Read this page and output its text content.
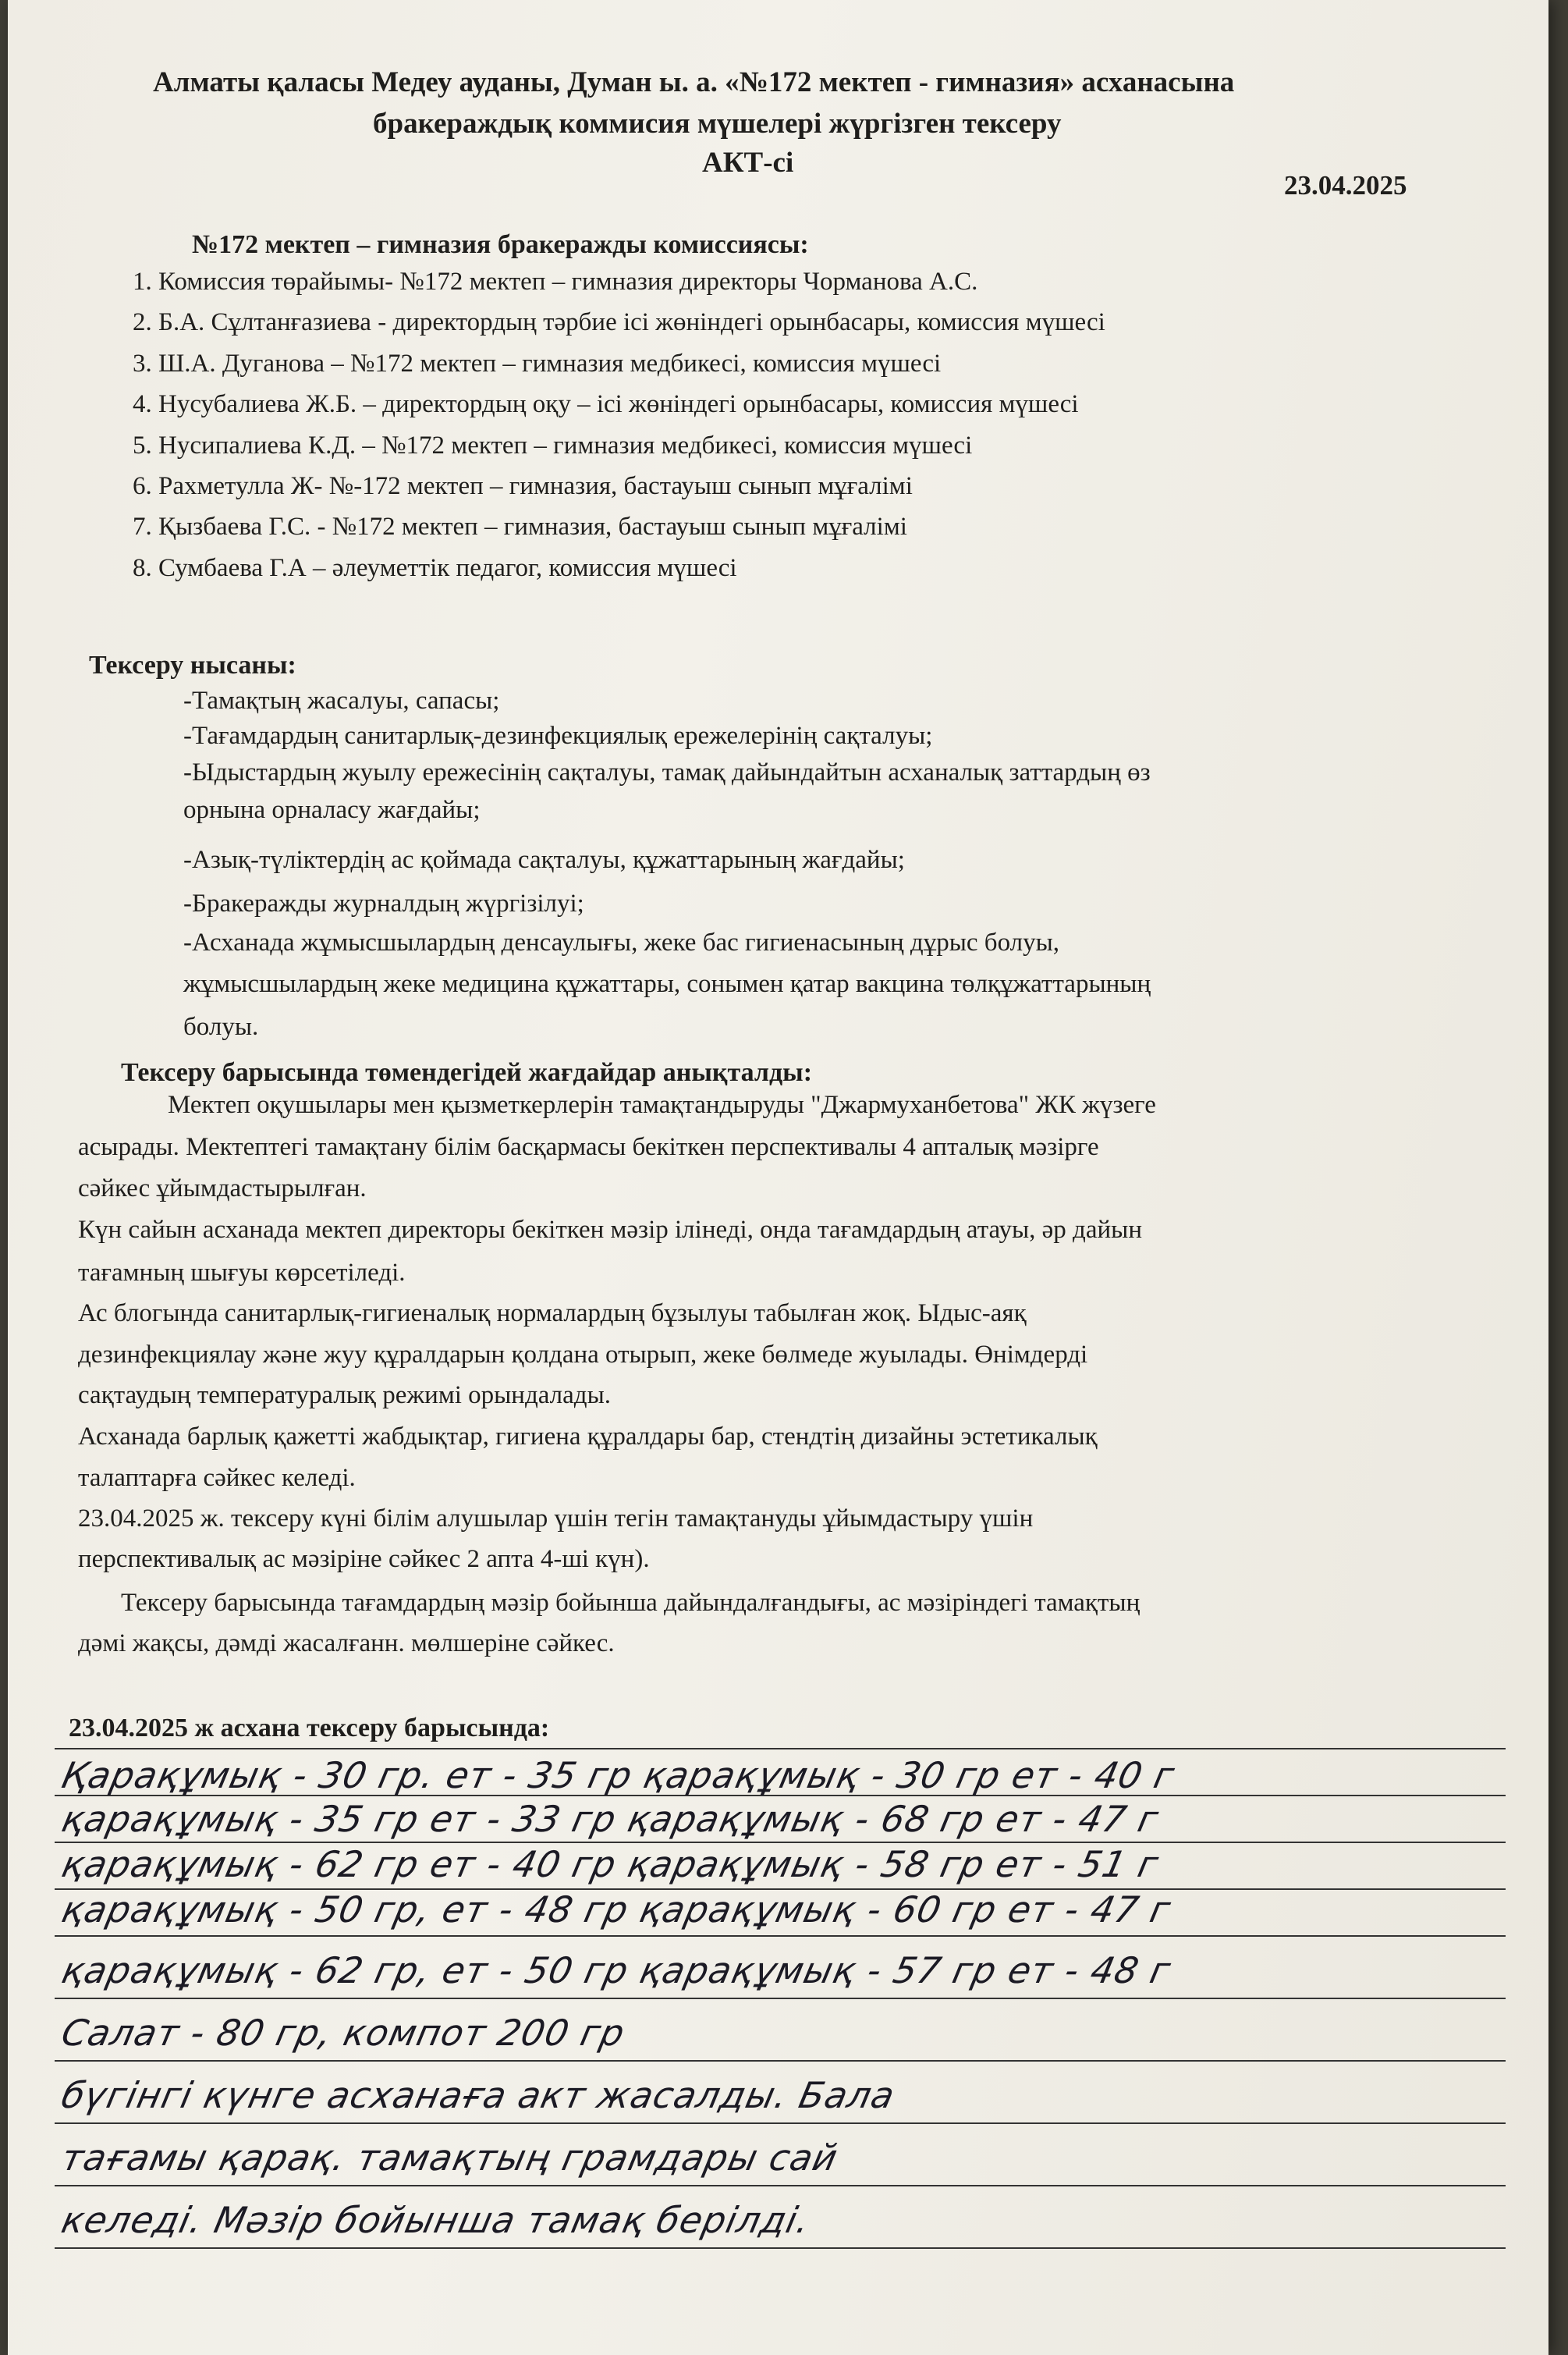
Алматы қаласы Медеу ауданы, Думан ы. а. «№172 мектеп - гимназия» асханасына
бракераждық коммисия мүшелері жүргізген тексеру
АКТ-сі
23.04.2025
№172 мектеп – гимназия бракеражды комиссиясы:
1. Комиссия төрайымы- №172 мектеп – гимназия директоры Чорманова А.С.
2. Б.А. Сұлтанғазиева - директордың тәрбие ісі жөніндегі орынбасары, комиссия мүшесі
3. Ш.А. Дуганова – №172 мектеп – гимназия медбикесі, комиссия мүшесі
4. Нусубалиева Ж.Б. – директордың оқу – ісі жөніндегі орынбасары, комиссия мүшесі
5. Нусипалиева К.Д. – №172 мектеп – гимназия медбикесі, комиссия мүшесі
6. Рахметулла Ж- №-172 мектеп – гимназия, бастауыш сынып мұғалімі
7. Қызбаева Г.С. - №172 мектеп – гимназия, бастауыш сынып мұғалімі
8. Сумбаева Г.А – әлеуметтік педагог, комиссия мүшесі
Тексеру нысаны:
-Тамақтың жасалуы, сапасы;
-Тағамдардың санитарлық-дезинфекциялық ережелерінің сақталуы;
-Ыдыстардың жуылу ережесінің сақталуы, тамақ дайындайтын асханалық заттардың өз
орнына орналасу жағдайы;
-Азық-түліктердің ас қоймада сақталуы, құжаттарының жағдайы;
-Бракеражды журналдың жүргізілуі;
-Асханада жұмысшылардың денсаулығы, жеке бас гигиенасының дұрыс болуы,
жұмысшылардың жеке медицина құжаттары, сонымен қатар вакцина төлқұжаттарының
болуы.
Тексеру барысында төмендегідей жағдайдар анықталды:
Мектеп оқушылары мен қызметкерлерін тамақтандыруды "Джармуханбетова" ЖК жүзеге
асырады. Мектептегі тамақтану білім басқармасы бекіткен перспективалы 4 апталық мәзірге
сәйкес ұйымдастырылған.
Күн сайын асханада мектеп директоры бекіткен мәзір ілінеді, онда тағамдардың атауы, әр дайын
тағамның шығуы көрсетіледі.
Ас блогында санитарлық-гигиеналық нормалардың бұзылуы табылған жоқ. Ыдыс-аяқ
дезинфекциялау және жуу құралдарын қолдана отырып, жеке бөлмеде жуылады. Өнімдерді
сақтаудың температуралық режимі орындалады.
Асханада барлық қажетті жабдықтар, гигиена құралдары бар, стендтің дизайны эстетикалық
талаптарға сәйкес келеді.
23.04.2025 ж. тексеру күні білім алушылар үшін тегін тамақтануды ұйымдастыру үшін
перспективалық ас мәзіріне сәйкес 2 апта 4-ші күн).
Тексеру барысында тағамдардың мәзір бойынша дайындалғандығы, ас мәзіріндегі тамақтың
дәмі жақсы, дәмді жасалғанн. мөлшеріне сәйкес.
23.04.2025 ж асхана тексеру барысында:
Қарақұмық - 30 гр. ет - 35 гр қарақұмық - 30 гр ет - 40 г
қарақұмық - 35 гр ет - 33 гр қарақұмық - 68 гр ет - 47 г
қарақұмық - 62 гр ет - 40 гр қарақұмық - 58 гр ет - 51 г
қарақұмық - 50 гр, ет - 48 гр қарақұмық - 60 гр ет - 47 г
қарақұмық - 62 гр, ет - 50 гр қарақұмық - 57 гр ет - 48 г
Салат - 80 гр, компот 200 гр
бүгінгі күнге асханаға акт жасалды. Бала
тағамы қарақ. тамақтың грамдары сай
келеді. Мәзір бойынша тамақ берілді.
